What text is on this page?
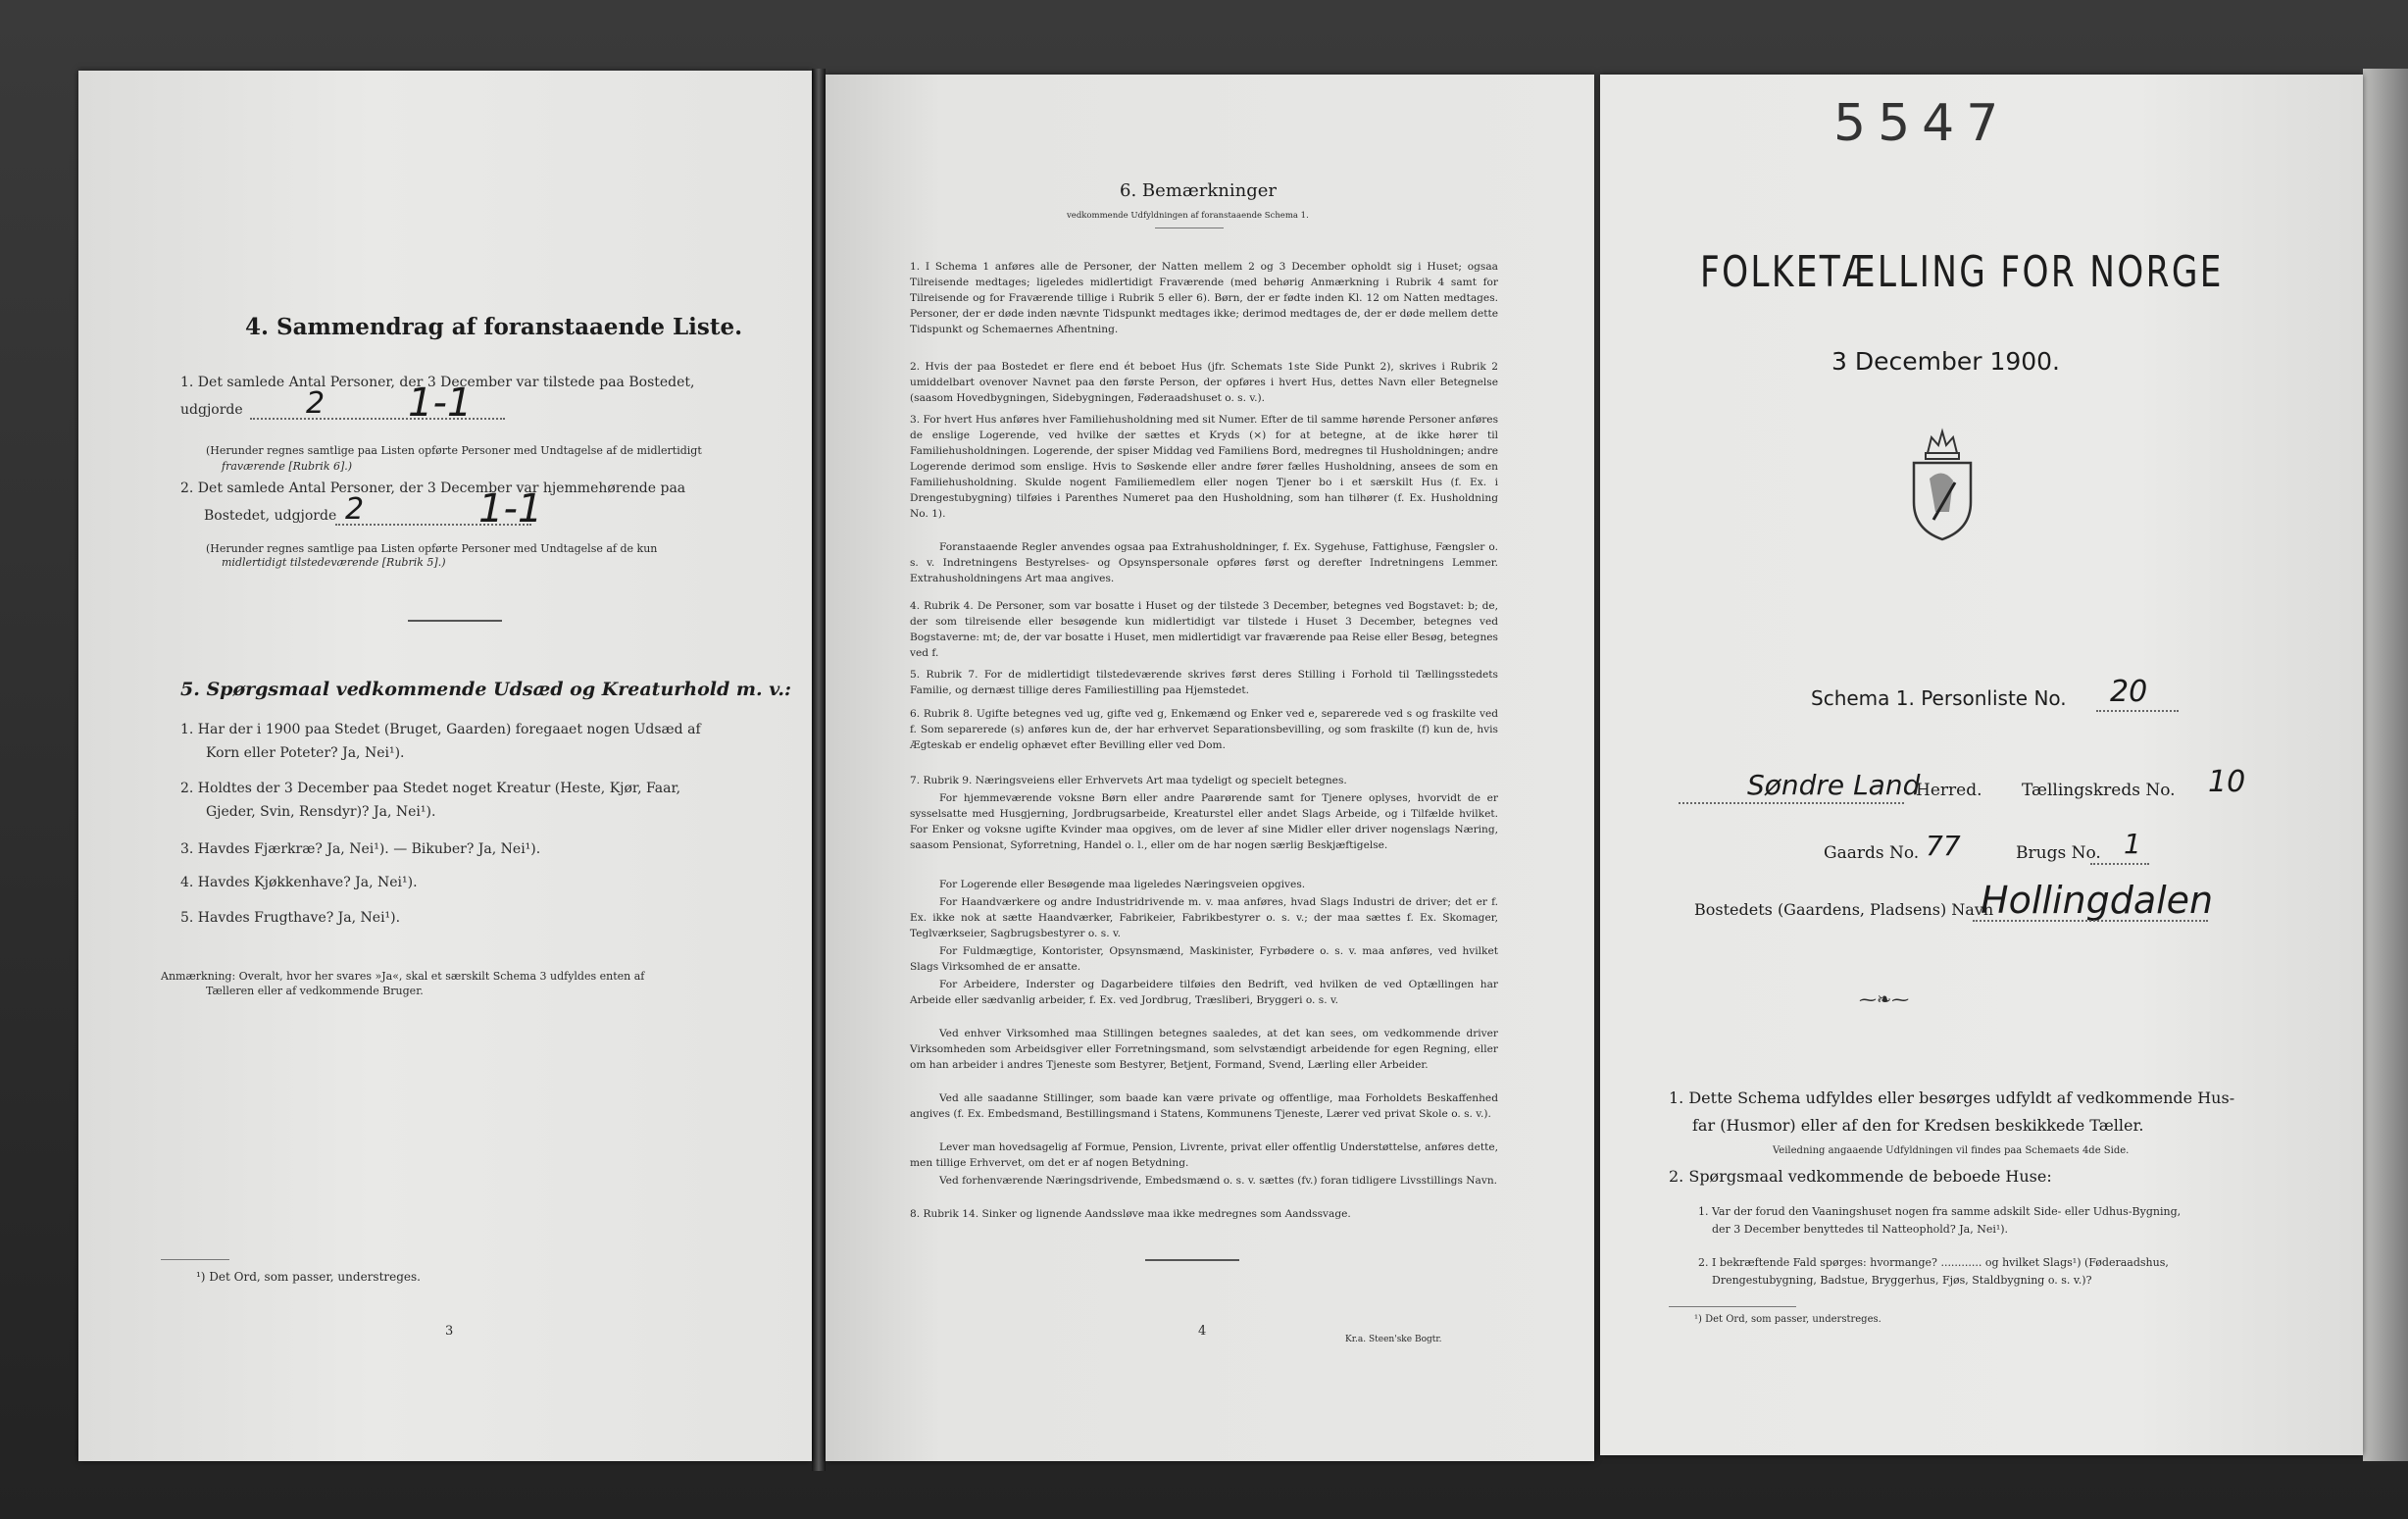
4. Sammendrag af foranstaaende Liste.
1. Det samlede Antal Personer, der 3 December var tilstede paa Bostedet,
udgjorde 2 1-1
(Herunder regnes samtlige paa Listen opførte Personer med Undtagelse af de midlertidigt
fraværende [Rubrik 6].)
2. Det samlede Antal Personer, der 3 December var hjemmehørende paa
Bostedet, udgjorde 2	1-1
(Herunder regnes samtlige paa Listen opførte Personer med Undtagelse af de kun
midlertidigt tilstedeværende [Rubrik 5].)
5. Spørgsmaal vedkommende Udsæd og Kreaturhold m. v.:
1. Har der i 1900 paa Stedet (Bruget, Gaarden) foregaaet nogen Udsæd af
Korn eller Poteter? Ja, Nei¹).
2. Holdtes der 3 December paa Stedet noget Kreatur (Heste, Kjør, Faar,
Gjeder, Svin, Rensdyr)? Ja, Nei¹).
3. Havdes Fjærkræ? Ja, Nei¹). — Bikuber? Ja, Nei¹).
4. Havdes Kjøkkenhave? Ja, Nei¹).
5. Havdes Frugthave? Ja, Nei¹).
Anmærkning: Overalt, hvor her svares »Ja«, skal et særskilt Schema 3 udfyldes enten af
Tælleren eller af vedkommende Bruger.
¹) Det Ord, som passer, understreges.
3
6. Bemærkninger
vedkommende Udfyldningen af foranstaaende Schema 1.
1. I Schema 1 anføres alle de Personer, der Natten mellem 2 og 3 December opholdt sig i Huset; ogsaa Tilreisende medtages; ligeledes midlertidigt Fraværende (med behørig Anmærkning i Rubrik 4 samt for Tilreisende og for Fraværende tillige i Rubrik 5 eller 6). Børn, der er fødte inden Kl. 12 om Natten medtages. Personer, der er døde inden nævnte Tidspunkt medtages ikke; derimod medtages de, der er døde mellem dette Tidspunkt og Schemaernes Afhentning.
2. Hvis der paa Bostedet er flere end ét beboet Hus (jfr. Schemats 1ste Side Punkt 2), skrives i Rubrik 2 umiddelbart ovenover Navnet paa den første Person, der opføres i hvert Hus, dettes Navn eller Betegnelse (saasom Hovedbygningen, Sidebygningen, Føderaadshuset o. s. v.).
3. For hvert Hus anføres hver Familiehusholdning med sit Numer. Efter de til samme hørende Personer anføres de enslige Logerende, ved hvilke der sættes et Kryds (×) for at betegne, at de ikke hører til Familiehusholdningen. Logerende, der spiser Middag ved Familiens Bord, medregnes til Husholdningen; andre Logerende derimod som enslige. Hvis to Søskende eller andre fører fælles Husholdning, ansees de som en Familiehusholdning. Skulde nogent Familiemedlem eller nogen Tjener bo i et særskilt Hus (f. Ex. i Drengestubygning) tilføies i Parenthes Numeret paa den Husholdning, som han tilhører (f. Ex. Husholdning No. 1).
Foranstaaende Regler anvendes ogsaa paa Extrahusholdninger, f. Ex. Sygehuse, Fattighuse, Fængsler o. s. v. Indretningens Bestyrelses- og Opsynspersonale opføres først og derefter Indretningens Lemmer. Extrahusholdningens Art maa angives.
4. Rubrik 4. De Personer, som var bosatte i Huset og der tilstede 3 December, betegnes ved Bogstavet: b; de, der som tilreisende eller besøgende kun midlertidigt var tilstede i Huset 3 December, betegnes ved Bogstaverne: mt; de, der var bosatte i Huset, men midlertidigt var fraværende paa Reise eller Besøg, betegnes ved f.
5. Rubrik 7. For de midlertidigt tilstedeværende skrives først deres Stilling i Forhold til Tællingsstedets Familie, og dernæst tillige deres Familiestilling paa Hjemstedet.
6. Rubrik 8. Ugifte betegnes ved ug, gifte ved g, Enkemænd og Enker ved e, separerede ved s og fraskilte ved f. Som separerede (s) anføres kun de, der har erhvervet Separationsbevilling, og som fraskilte (f) kun de, hvis Ægteskab er endelig ophævet efter Bevilling eller ved Dom.
7. Rubrik 9. Næringsveiens eller Erhvervets Art maa tydeligt og specielt betegnes.
For hjemmeværende voksne Børn eller andre Paarørende samt for Tjenere oplyses, hvorvidt de er sysselsatte med Husgjerning, Jordbrugsarbeide, Kreaturstel eller andet Slags Arbeide, og i Tilfælde hvilket. For Enker og voksne ugifte Kvinder maa opgives, om de lever af sine Midler eller driver nogenslags Næring, saasom Pensionat, Syforretning, Handel o. l., eller om de har nogen særlig Beskjæftigelse.
For Logerende eller Besøgende maa ligeledes Næringsveien opgives.
For Haandværkere og andre Industridrivende m. v. maa anføres, hvad Slags Industri de driver; det er f. Ex. ikke nok at sætte Haandværker, Fabrikeier, Fabrikbestyrer o. s. v.; der maa sættes f. Ex. Skomager, Teglværkseier, Sagbrugsbestyrer o. s. v.
For Fuldmægtige, Kontorister, Opsynsmænd, Maskinister, Fyrbødere o. s. v. maa anføres, ved hvilket Slags Virksomhed de er ansatte.
For Arbeidere, Inderster og Dagarbeidere tilføies den Bedrift, ved hvilken de ved Optællingen har Arbeide eller sædvanlig arbeider, f. Ex. ved Jordbrug, Træsliberi, Bryggeri o. s. v.
Ved enhver Virksomhed maa Stillingen betegnes saaledes, at det kan sees, om vedkommende driver Virksomheden som Arbeidsgiver eller Forretningsmand, som selvstændigt arbeidende for egen Regning, eller om han arbeider i andres Tjeneste som Bestyrer, Betjent, Formand, Svend, Lærling eller Arbeider.
Ved alle saadanne Stillinger, som baade kan være private og offentlige, maa Forholdets Beskaffenhed angives (f. Ex. Embedsmand, Bestillingsmand i Statens, Kommunens Tjeneste, Lærer ved privat Skole o. s. v.).
Lever man hovedsagelig af Formue, Pension, Livrente, privat eller offentlig Understøttelse, anføres dette, men tillige Erhvervet, om det er af nogen Betydning.
Ved forhenværende Næringsdrivende, Embedsmænd o. s. v. sættes (fv.) foran tidligere Livsstillings Navn.
8. Rubrik 14. Sinker og lignende Aandssløve maa ikke medregnes som Aandssvage.
4
Kr.a. Steen'ske Bogtr.
5547
FOLKETÆLLING FOR NORGE
3 December 1900.
Schema 1. Personliste No. 20
Søndre Land
Herred. Tællingskreds No. 10
Gaards No. 77	Brugs No. 1
Bostedets (Gaardens, Pladsens) Navn
Hollingdalen
⁓❧⁓
1. Dette Schema udfyldes eller besørges udfyldt af vedkommende Hus-
far (Husmor) eller af den for Kredsen beskikkede Tæller.
Veiledning angaaende Udfyldningen vil findes paa Schemaets 4de Side.
2. Spørgsmaal vedkommende de beboede Huse:
1. Var der forud den Vaaningshuset nogen fra samme adskilt Side- eller Udhus-Bygning,
der 3 December benyttedes til Natteophold? Ja, Nei¹).
2. I bekræftende Fald spørges: hvormange? ............ og hvilket Slags¹) (Føderaadshus,
Drengestubygning, Badstue, Bryggerhus, Fjøs, Staldbygning o. s. v.)?
¹) Det Ord, som passer, understreges.
